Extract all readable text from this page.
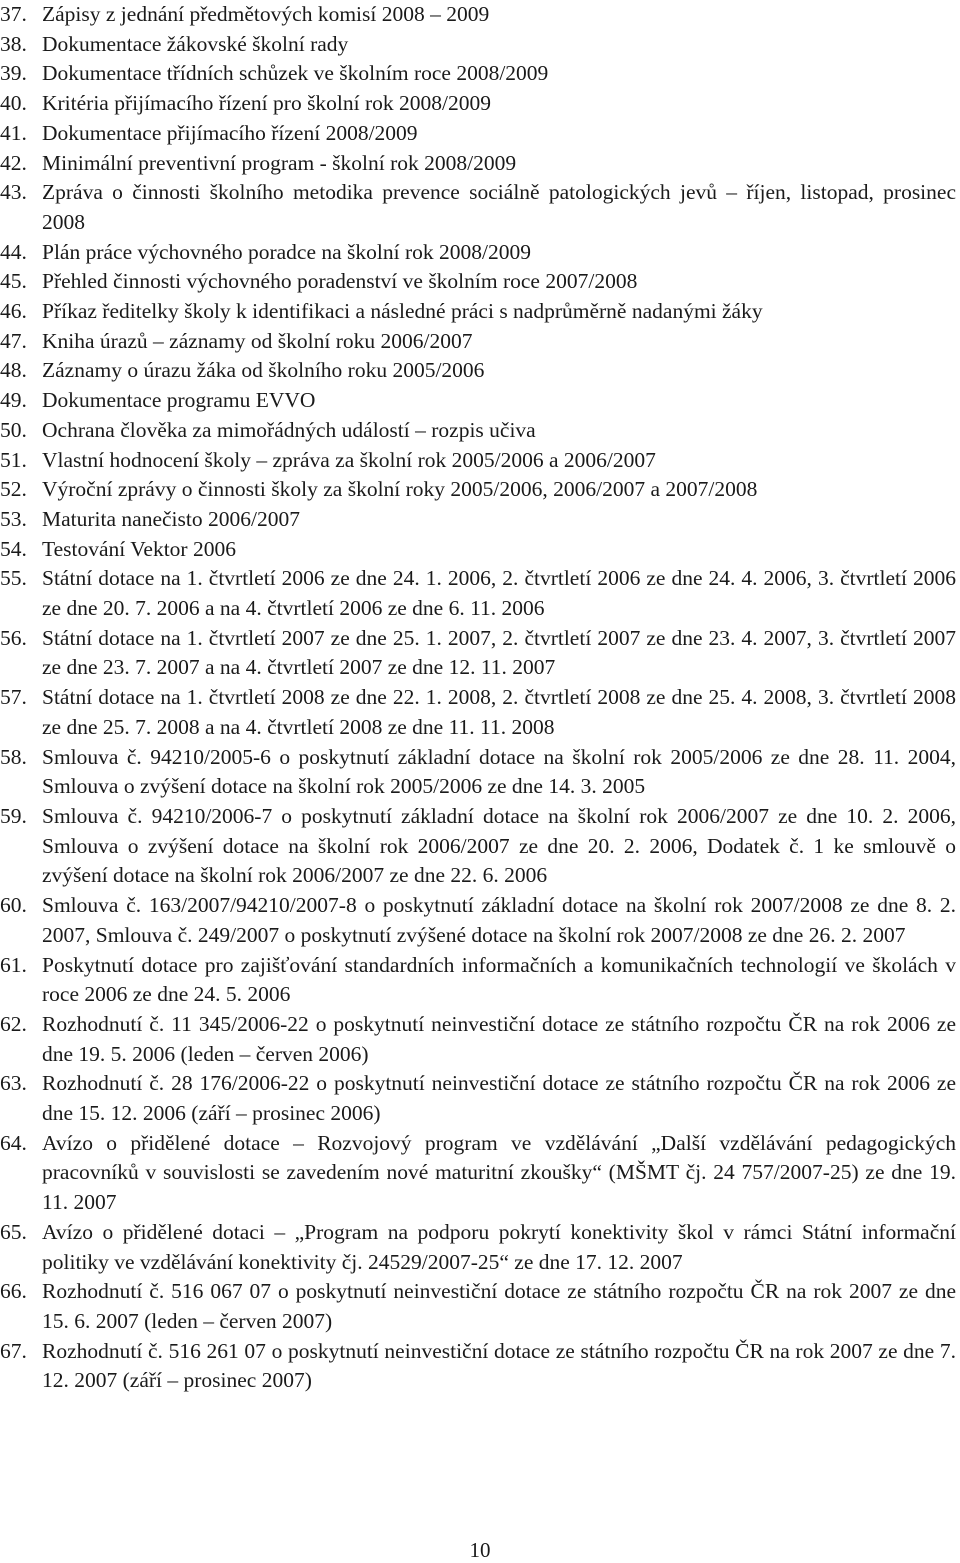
37. Zápisy z jednání předmětových komisí 2008 – 2009
38. Dokumentace žákovské školní rady
39. Dokumentace třídních schůzek ve školním roce 2008/2009
40. Kritéria přijímacího řízení pro školní rok 2008/2009
41. Dokumentace přijímacího řízení 2008/2009
42. Minimální preventivní program - školní rok 2008/2009
43. Zpráva o činnosti školního metodika prevence sociálně patologických jevů – říjen, listopad, prosinec 2008
44. Plán práce výchovného poradce na školní rok 2008/2009
45. Přehled činnosti výchovného poradenství ve školním roce 2007/2008
46. Příkaz ředitelky školy k identifikaci a následné práci s nadprůměrně nadanými žáky
47. Kniha úrazů – záznamy od školní roku 2006/2007
48. Záznamy o úrazu žáka od školního roku 2005/2006
49. Dokumentace programu EVVO
50. Ochrana člověka za mimořádných událostí – rozpis učiva
51. Vlastní hodnocení školy – zpráva za školní rok 2005/2006 a 2006/2007
52. Výroční zprávy o činnosti školy za školní roky 2005/2006, 2006/2007 a 2007/2008
53. Maturita nanečisto 2006/2007
54. Testování Vektor 2006
55. Státní dotace na 1. čtvrtletí 2006 ze dne 24. 1. 2006, 2. čtvrtletí 2006 ze dne 24. 4. 2006, 3. čtvrtletí 2006 ze dne 20. 7. 2006 a na 4. čtvrtletí 2006 ze dne 6. 11. 2006
56. Státní dotace na 1. čtvrtletí 2007 ze dne 25. 1. 2007, 2. čtvrtletí 2007 ze dne 23. 4. 2007, 3. čtvrtletí 2007 ze dne 23. 7. 2007 a na 4. čtvrtletí 2007 ze dne 12. 11. 2007
57. Státní dotace na 1. čtvrtletí 2008 ze dne 22. 1. 2008, 2. čtvrtletí 2008 ze dne 25. 4. 2008, 3. čtvrtletí 2008 ze dne 25. 7. 2008 a na 4. čtvrtletí 2008 ze dne 11. 11. 2008
58. Smlouva č. 94210/2005-6 o poskytnutí základní dotace na školní rok 2005/2006 ze dne 28. 11. 2004, Smlouva o zvýšení dotace na školní rok 2005/2006 ze dne 14. 3. 2005
59. Smlouva č. 94210/2006-7 o poskytnutí základní dotace na školní rok 2006/2007 ze dne 10. 2. 2006, Smlouva o zvýšení dotace na školní rok 2006/2007 ze dne 20. 2. 2006, Dodatek č. 1 ke smlouvě o zvýšení dotace na školní rok 2006/2007 ze dne 22. 6. 2006
60. Smlouva č. 163/2007/94210/2007-8 o poskytnutí základní dotace na školní rok 2007/2008 ze dne 8. 2. 2007, Smlouva č. 249/2007 o poskytnutí zvýšené dotace na školní rok 2007/2008 ze dne 26. 2. 2007
61. Poskytnutí dotace pro zajišťování standardních informačních a komunikačních technologií ve školách v roce 2006 ze dne 24. 5. 2006
62. Rozhodnutí č. 11 345/2006-22 o poskytnutí neinvestiční dotace ze státního rozpočtu ČR na rok 2006 ze dne 19. 5. 2006 (leden – červen 2006)
63. Rozhodnutí č. 28 176/2006-22 o poskytnutí neinvestiční dotace ze státního rozpočtu ČR na rok 2006 ze dne 15. 12. 2006 (září – prosinec 2006)
64. Avízo o přidělené dotace – Rozvojový program ve vzdělávání „Další vzdělávání pedagogických pracovníků v souvislosti se zavedením nové maturitní zkoušky“ (MŠMT čj. 24 757/2007-25) ze dne 19. 11. 2007
65. Avízo o přidělené dotaci – „Program na podporu pokrytí konektivity škol v rámci Státní informační politiky ve vzdělávání konektivity čj. 24529/2007-25“ ze dne 17. 12. 2007
66. Rozhodnutí č. 516 067 07 o poskytnutí neinvestiční dotace ze státního rozpočtu ČR na rok 2007 ze dne 15. 6. 2007 (leden – červen 2007)
67. Rozhodnutí č. 516 261 07 o poskytnutí neinvestiční dotace ze státního rozpočtu ČR na rok 2007 ze dne 7. 12. 2007 (září – prosinec 2007)
10
